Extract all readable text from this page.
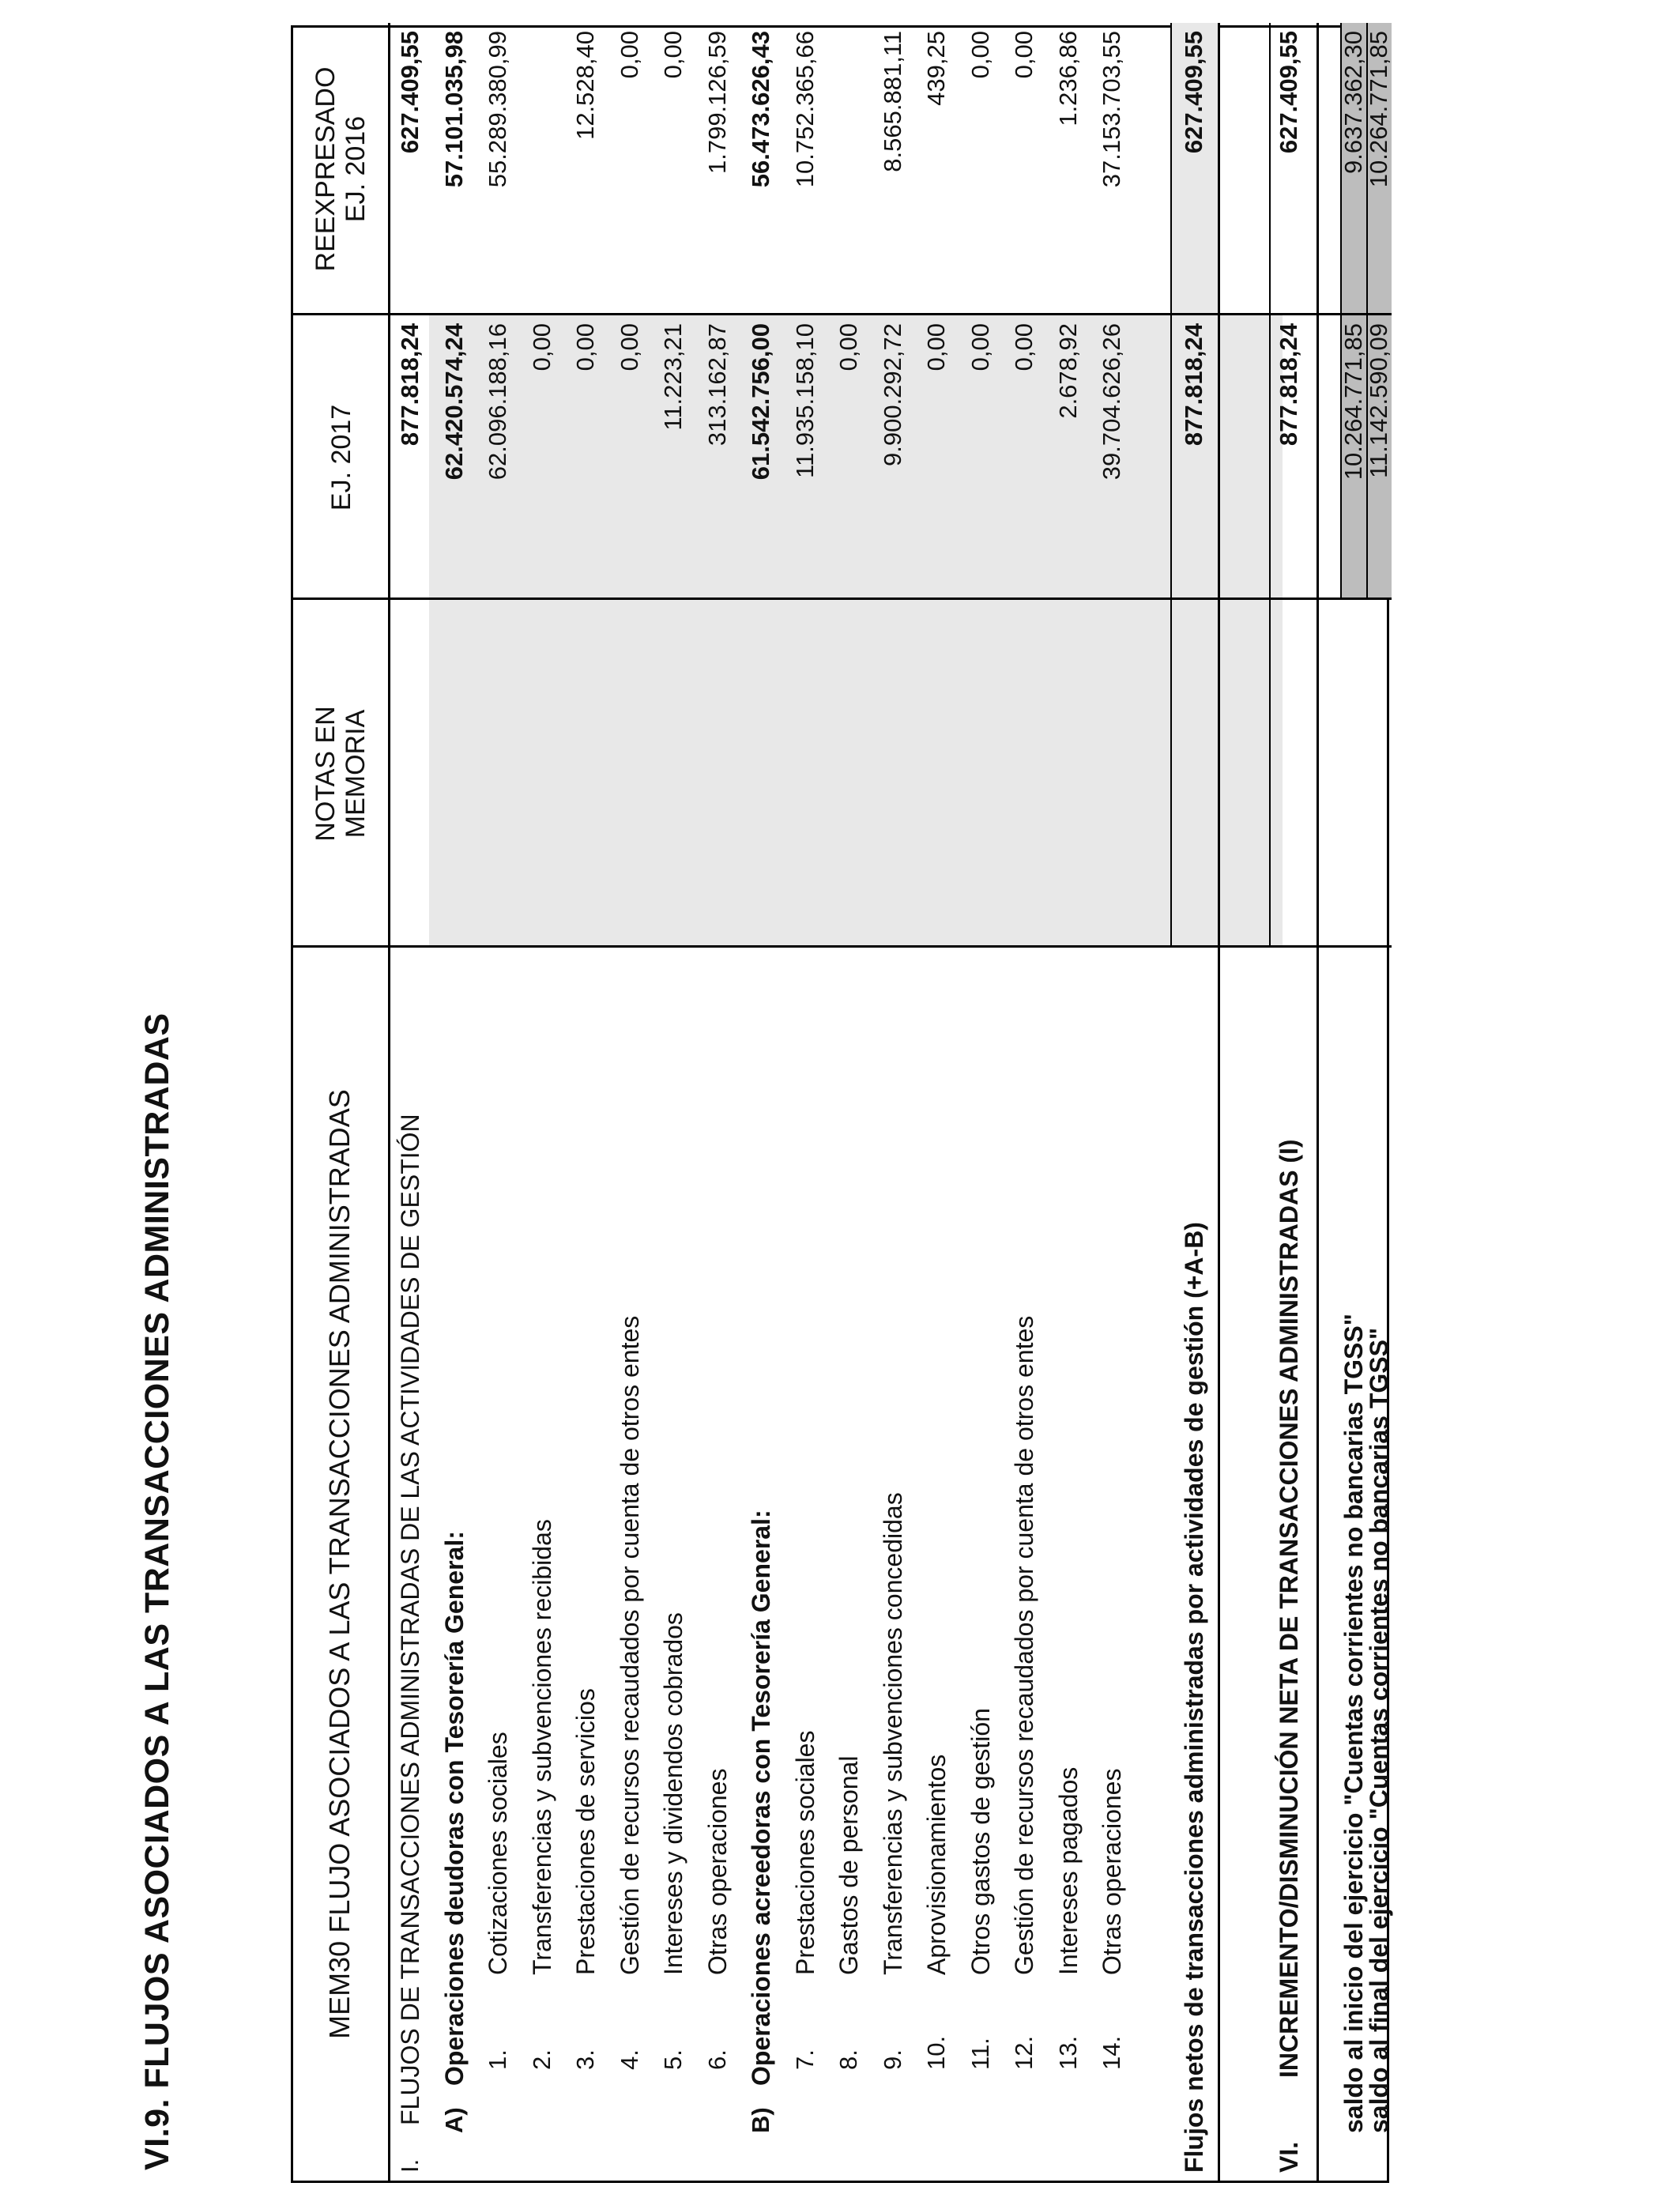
VI.9. FLUJOS ASOCIADOS A LAS TRANSACCIONES ADMINISTRADAS	MEM30 FLUJO ASOCIADOS A LAS TRANSACCIONES ADMINISTRADAS
NOTAS EN MEMORIA
EJ. 2017
I.
FLUJOS DE TRANSACCIONES ADMINISTRADAS DE LAS ACTIVIDADES DE GESTIÓN
877.818,24
A)
Operaciones deudoras con Tesorería General:
62.420.574,24
1.
Cotizaciones sociales
62.096.188,16
2.
Transferencias y subvenciones recibidas
0,00
3.
Prestaciones de servicios
0,00
4.
Gestión de recursos recaudados por cuenta de otros entes
0,00
5.
Intereses y dividendos cobrados
11.223,21
6.
Otras operaciones
313.162,87
B)
Operaciones acreedoras con Tesorería General:
61.542.756,00
7.
Prestaciones sociales
11.935.158,10
8.
Gastos de personal
0,00
9.
Transferencias y subvenciones concedidas
9.900.292,72
10.
Aprovisionamientos
0,00
11.
Otros gastos de gestión
0,00
12.
Gestión de recursos recaudados por cuenta de otros entes
0,00
13.
Intereses pagados
2.678,92
14.
Otras operaciones
39.704.626,26
Flujos netos de transacciones administradas por actividades de gestión (+A-B)
877.818,24
VI.
INCREMENTO/DISMINUCIÓN NETA DE TRANSACCIONES ADMINISTRADAS (I)
877.818,24
saldo al inicio del ejercicio "Cuentas corrientes no bancarias TGSS"
10.264.771,85
saldo al final del ejercicio "Cuentas corrientes no bancarias TGSS"
11.142.590,09
REEXPRESADO EJ. 2016
627.409,55 57.101.035,98 55.289.380,99 12.528,40 0,00 0,00 1.799.126,59 56.473.626,43 10.752.365,66 8.565.881,11 439,25 0,00 0,00 1.236,86 37.153.703,55 627.409,55	627.409,55 9.637.362,30
10.264.771,85
